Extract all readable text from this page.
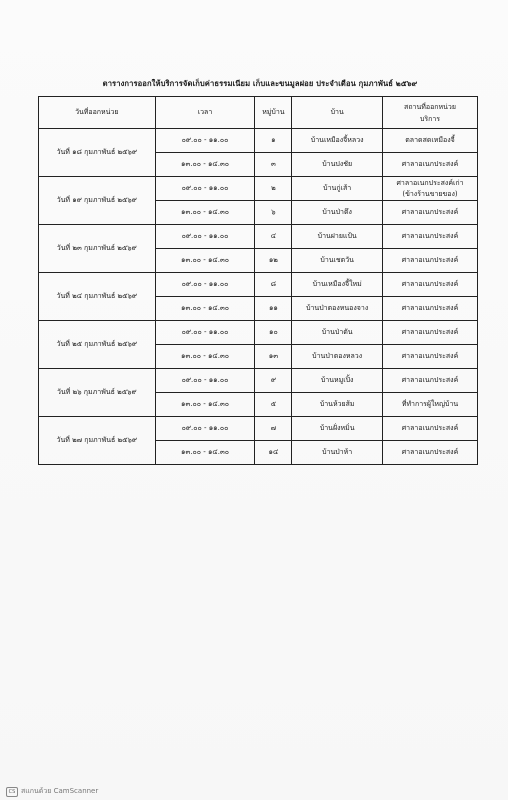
ตารางการออกให้บริการจัดเก็บค่าธรรมเนียม เก็บและขนมูลฝอย ประจำเดือน กุมภาพันธ์ ๒๕๖๙
วันที่ออกหน่วย	เวลา	หมู่บ้าน	บ้าน	สถานที่ออกหน่วย
บริการ

วันที่ ๑๘ กุมภาพันธ์ ๒๕๖๙	๐๙.๐๐ - ๑๑.๐๐	๑	บ้านเหมืองจี้หลวง	ตลาดสดเหมืองจี้
	๑๓.๐๐ - ๑๔.๓๐	๓	บ้านปงชัย	ศาลาอเนกประสงค์
วันที่ ๑๙ กุมภาพันธ์ ๒๕๖๙	๐๙.๐๐ - ๑๑.๐๐	๒	บ้านกู่เส้า	ศาลาอเนกประสงค์เก่า
(ข้างร้านขายของ)

	๑๓.๐๐ - ๑๔.๓๐	๖	บ้านป่าตึง	ศาลาอเนกประสงค์
วันที่ ๒๓ กุมภาพันธ์ ๒๕๖๙	๐๙.๐๐ - ๑๑.๐๐	๔	บ้านฝายแป้น	ศาลาอเนกประสงค์
	๑๓.๐๐ - ๑๔.๓๐	๑๒	บ้านเชตวัน	ศาลาอเนกประสงค์
วันที่ ๒๔ กุมภาพันธ์ ๒๕๖๙	๐๙.๐๐ - ๑๑.๐๐	๘	บ้านเหมืองจี้ใหม่	ศาลาอเนกประสงค์
	๑๓.๐๐ - ๑๔.๓๐	๑๑	บ้านป่าตองหนองจาง	ศาลาอเนกประสงค์
วันที่ ๒๕ กุมภาพันธ์ ๒๕๖๙	๐๙.๐๐ - ๑๑.๐๐	๑๐	บ้านป่าตัน	ศาลาอเนกประสงค์
	๑๓.๐๐ - ๑๔.๓๐	๑๓	บ้านป่าตองหลวง	ศาลาอเนกประสงค์
วันที่ ๒๖ กุมภาพันธ์ ๒๕๖๙	๐๙.๐๐ - ๑๑.๐๐	๙	บ้านหมูเปิ้ง	ศาลาอเนกประสงค์
	๑๓.๐๐ - ๑๔.๓๐	๕	บ้านห้วยส้ม	ที่ทำการผู้ใหญ่บ้าน
วันที่ ๒๗ กุมภาพันธ์ ๒๕๖๙	๐๙.๐๐ - ๑๑.๐๐	๗	บ้านฝั่งหมิ่น	ศาลาอเนกประสงค์
	๑๓.๐๐ - ๑๔.๓๐	๑๔	บ้านป่าห้า	ศาลาอเนกประสงค์
CS สแกนด้วย CamScanner
